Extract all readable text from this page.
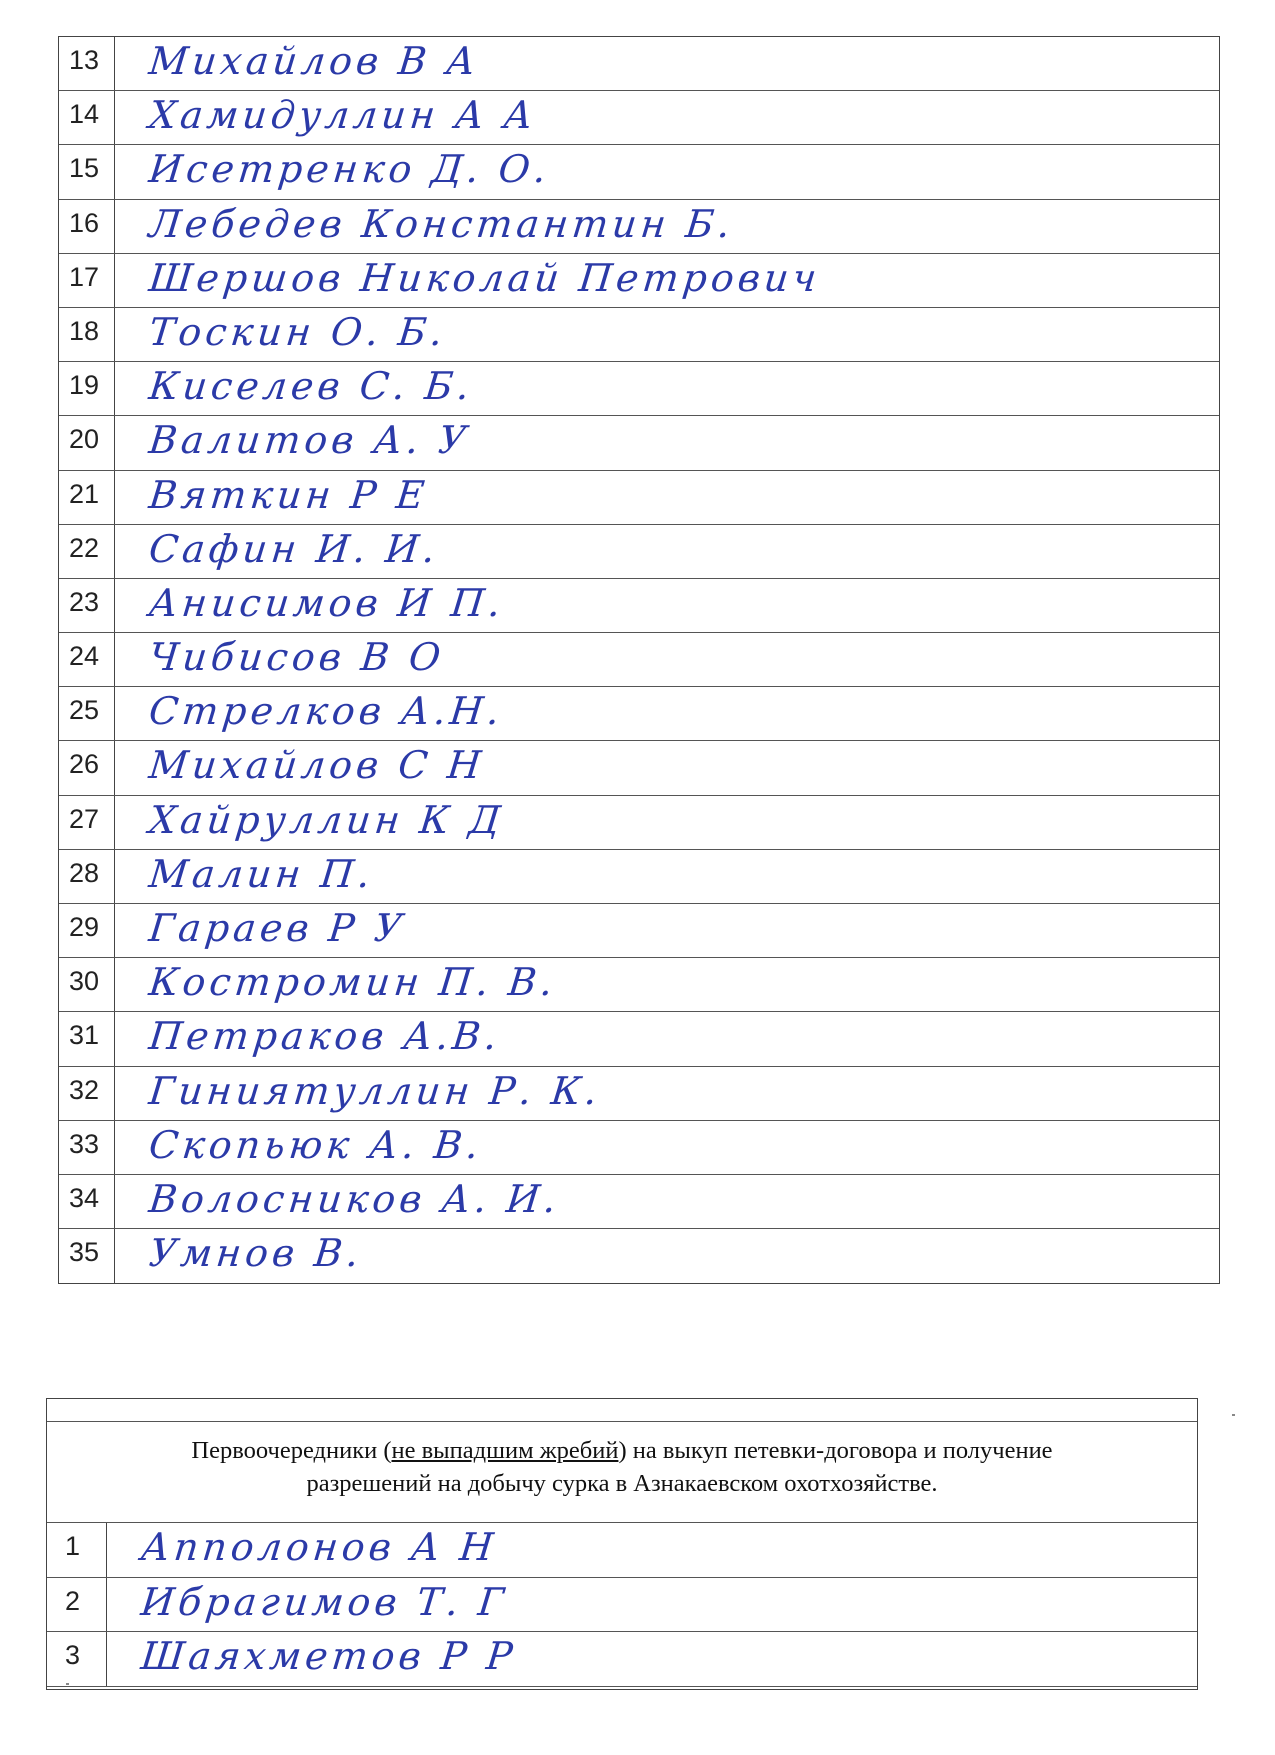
13	Михайлов В А
14	Хамидуллин А А
15	Исетренко Д. О.
16	Лебедев Константин Б.
17	Шершов Николай Петрович
18	Тоскин О. Б.
19	Киселев С. Б.
20	Валитов А. У
21	Вяткин Р Е
22	Сафин И. И.
23	Анисимов И П.
24	Чибисов В О
25	Стрелков А.Н.
26	Михайлов С Н
27	Хайруллин К Д
28	Малин П.
29	Гараев Р У
30	Костромин П. В.
31	Петраков А.В.
32	Гиниятуллин Р. К.
33	Скопьюк А. В.
34	Волосников А. И.
35	Умнов В.
Первоочередники (не выпадшим жребий) на выкуп петевки-договора и получение
разрешений на добычу сурка в Азнакаевском охотхозяйстве.
1	Апполонов А Н
2	Ибрагимов Т. Г
3	Шаяхметов Р Р
